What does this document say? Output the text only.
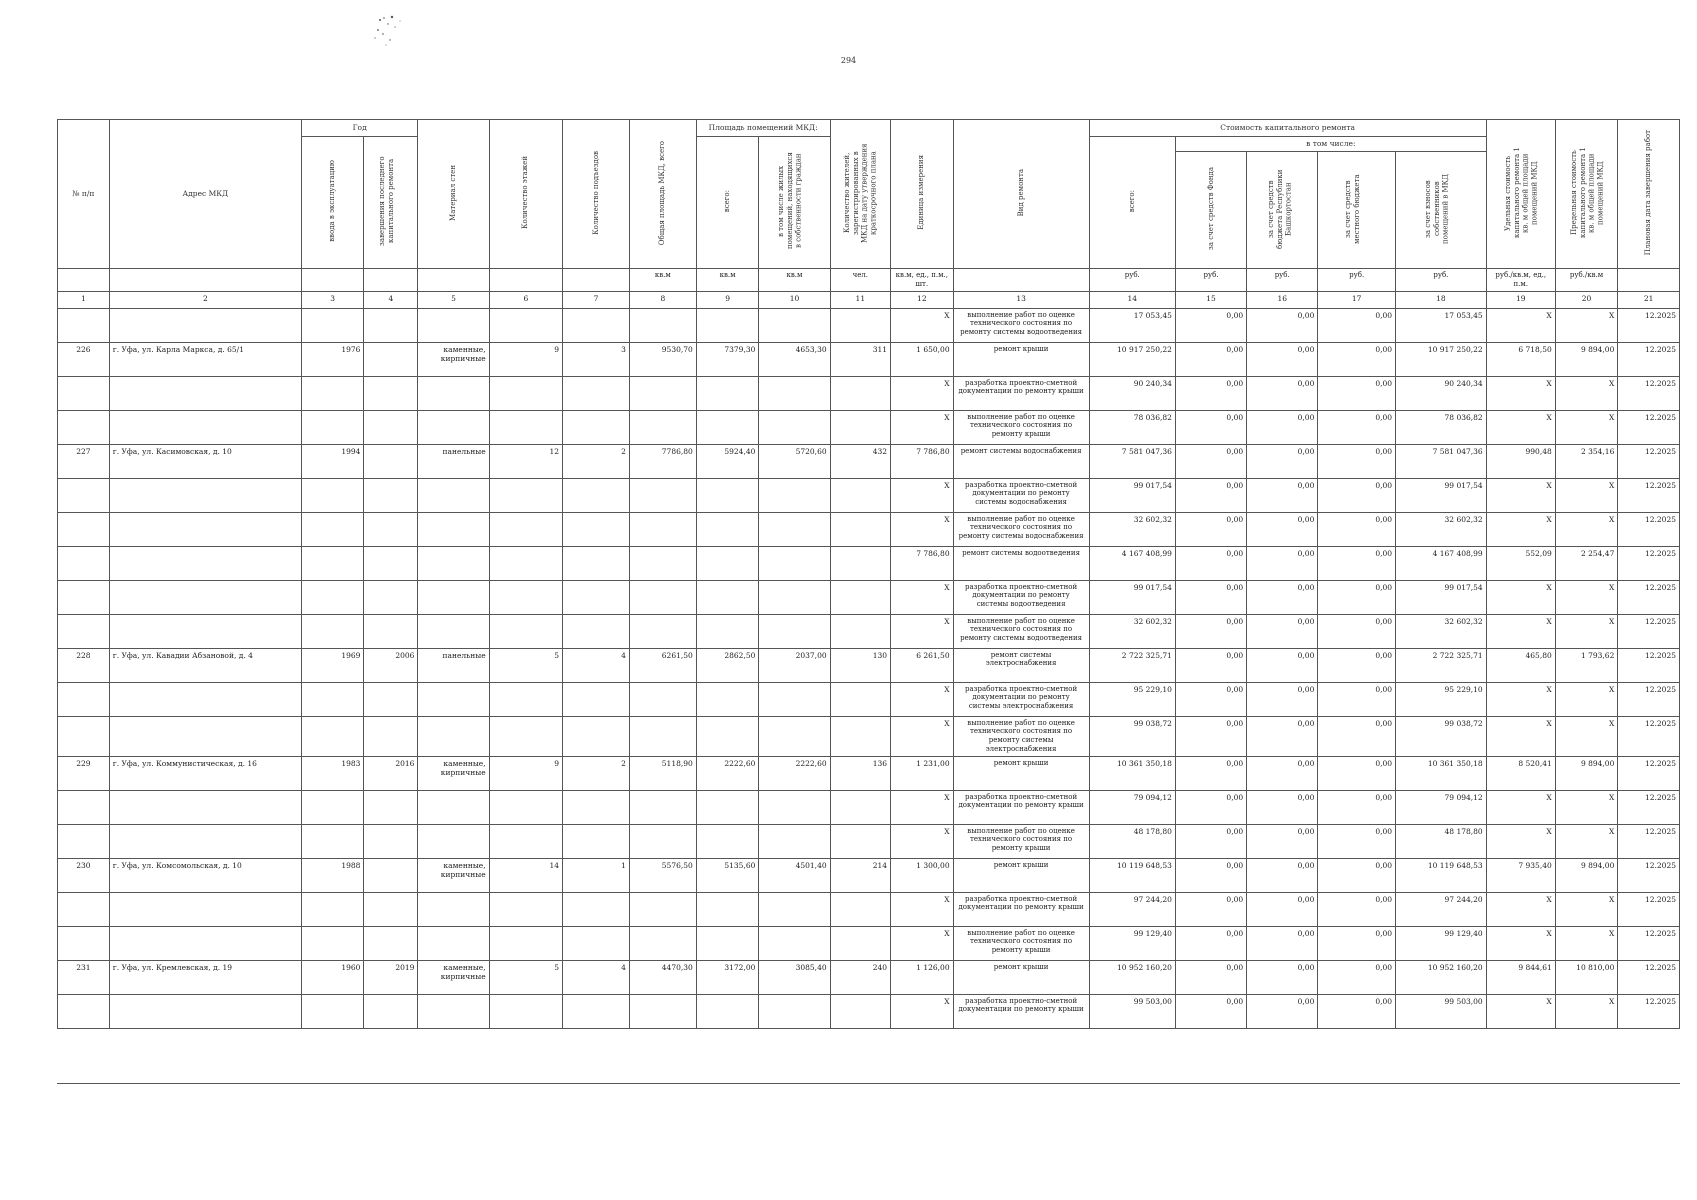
294
№ п/п	Адрес МКД	Год		Материал стен	Количество этажей	Количество подъездов	Общая площадь МКД, всего	Площадь помещений МКД:		Количество жителей, зарегистрированных в МКД на дату утверждения краткосрочного плана	Единица измерения	Вид ремонта	Стоимость капитального ремонта					Удельная стоимость капитального ремонта 1 кв. м общей площади помещений МКД	Предельная стоимость капитального ремонта 1 кв. м общей площади помещений МКД	Плановая дата завершения работ
		ввода в эксплуатацию	завершения последнего капитального ремонта					всего:	в том числе жилых помещений, находящихся в собственности граждан				всего:	в том числе:						
														за счет средств Фонда	за счет средств бюджета Республики Башкортостан	за счет средств местного бюджета	за счет взносов собственников помещений в МКД			
							кв.м	кв.м	кв.м	чел.	кв.м, ед., п.м., шт.		руб.	руб.	руб.	руб.	руб.	руб./кв.м, ед., п.м.	руб./кв.м	
1	2	3	4	5	6	7	8	9	10	11	12	13	14	15	16	17	18	19	20	21
											X	выполнение работ по оценке технического состояния по ремонту системы водоотведения	17 053,45	0,00	0,00	0,00	17 053,45	X	X	12.2025
226	г. Уфа, ул. Карла Маркса, д. 65/1	1976		каменные, кирпичные	9	3	9530,70	7379,30	4653,30	311	1 650,00	ремонт крыши	10 917 250,22	0,00	0,00	0,00	10 917 250,22	6 718,50	9 894,00	12.2025
											X	разработка проектно-сметной документации по ремонту крыши	90 240,34	0,00	0,00	0,00	90 240,34	X	X	12.2025
											X	выполнение работ по оценке технического состояния по ремонту крыши	78 036,82	0,00	0,00	0,00	78 036,82	X	X	12.2025
227	г. Уфа, ул. Касимовская, д. 10	1994		панельные	12	2	7786,80	5924,40	5720,60	432	7 786,80	ремонт системы водоснабжения	7 581 047,36	0,00	0,00	0,00	7 581 047,36	990,48	2 354,16	12.2025
											X	разработка проектно-сметной документации по ремонту системы водоснабжения	99 017,54	0,00	0,00	0,00	99 017,54	X	X	12.2025
											X	выполнение работ по оценке технического состояния по ремонту системы водоснабжения	32 602,32	0,00	0,00	0,00	32 602,32	X	X	12.2025
											7 786,80	ремонт системы водоотведения	4 167 408,99	0,00	0,00	0,00	4 167 408,99	552,09	2 254,47	12.2025
											X	разработка проектно-сметной документации по ремонту системы водоотведения	99 017,54	0,00	0,00	0,00	99 017,54	X	X	12.2025
											X	выполнение работ по оценке технического состояния по ремонту системы водоотведения	32 602,32	0,00	0,00	0,00	32 602,32	X	X	12.2025
228	г. Уфа, ул. Кавадии Абзановой, д. 4	1969	2006	панельные	5	4	6261,50	2862,50	2037,00	130	6 261,50	ремонт системы электроснабжения	2 722 325,71	0,00	0,00	0,00	2 722 325,71	465,80	1 793,62	12.2025
											X	разработка проектно-сметной документации по ремонту системы электроснабжения	95 229,10	0,00	0,00	0,00	95 229,10	X	X	12.2025
											X	выполнение работ по оценке технического состояния по ремонту системы электроснабжения	99 038,72	0,00	0,00	0,00	99 038,72	X	X	12.2025
229	г. Уфа, ул. Коммунистическая, д. 16	1983	2016	каменные, кирпичные	9	2	5118,90	2222,60	2222,60	136	1 231,00	ремонт крыши	10 361 350,18	0,00	0,00	0,00	10 361 350,18	8 520,41	9 894,00	12.2025
											X	разработка проектно-сметной документации по ремонту крыши	79 094,12	0,00	0,00	0,00	79 094,12	X	X	12.2025
											X	выполнение работ по оценке технического состояния по ремонту крыши	48 178,80	0,00	0,00	0,00	48 178,80	X	X	12.2025
230	г. Уфа, ул. Комсомольская, д. 10	1988		каменные, кирпичные	14	1	5576,50	5135,60	4501,40	214	1 300,00	ремонт крыши	10 119 648,53	0,00	0,00	0,00	10 119 648,53	7 935,40	9 894,00	12.2025
											X	разработка проектно-сметной документации по ремонту крыши	97 244,20	0,00	0,00	0,00	97 244,20	X	X	12.2025
											X	выполнение работ по оценке технического состояния по ремонту крыши	99 129,40	0,00	0,00	0,00	99 129,40	X	X	12.2025
231	г. Уфа, ул. Кремлевская, д. 19	1960	2019	каменные, кирпичные	5	4	4470,30	3172,00	3085,40	240	1 126,00	ремонт крыши	10 952 160,20	0,00	0,00	0,00	10 952 160,20	9 844,61	10 810,00	12.2025
											X	разработка проектно-сметной документации по ремонту крыши	99 503,00	0,00	0,00	0,00	99 503,00	X	X	12.2025
